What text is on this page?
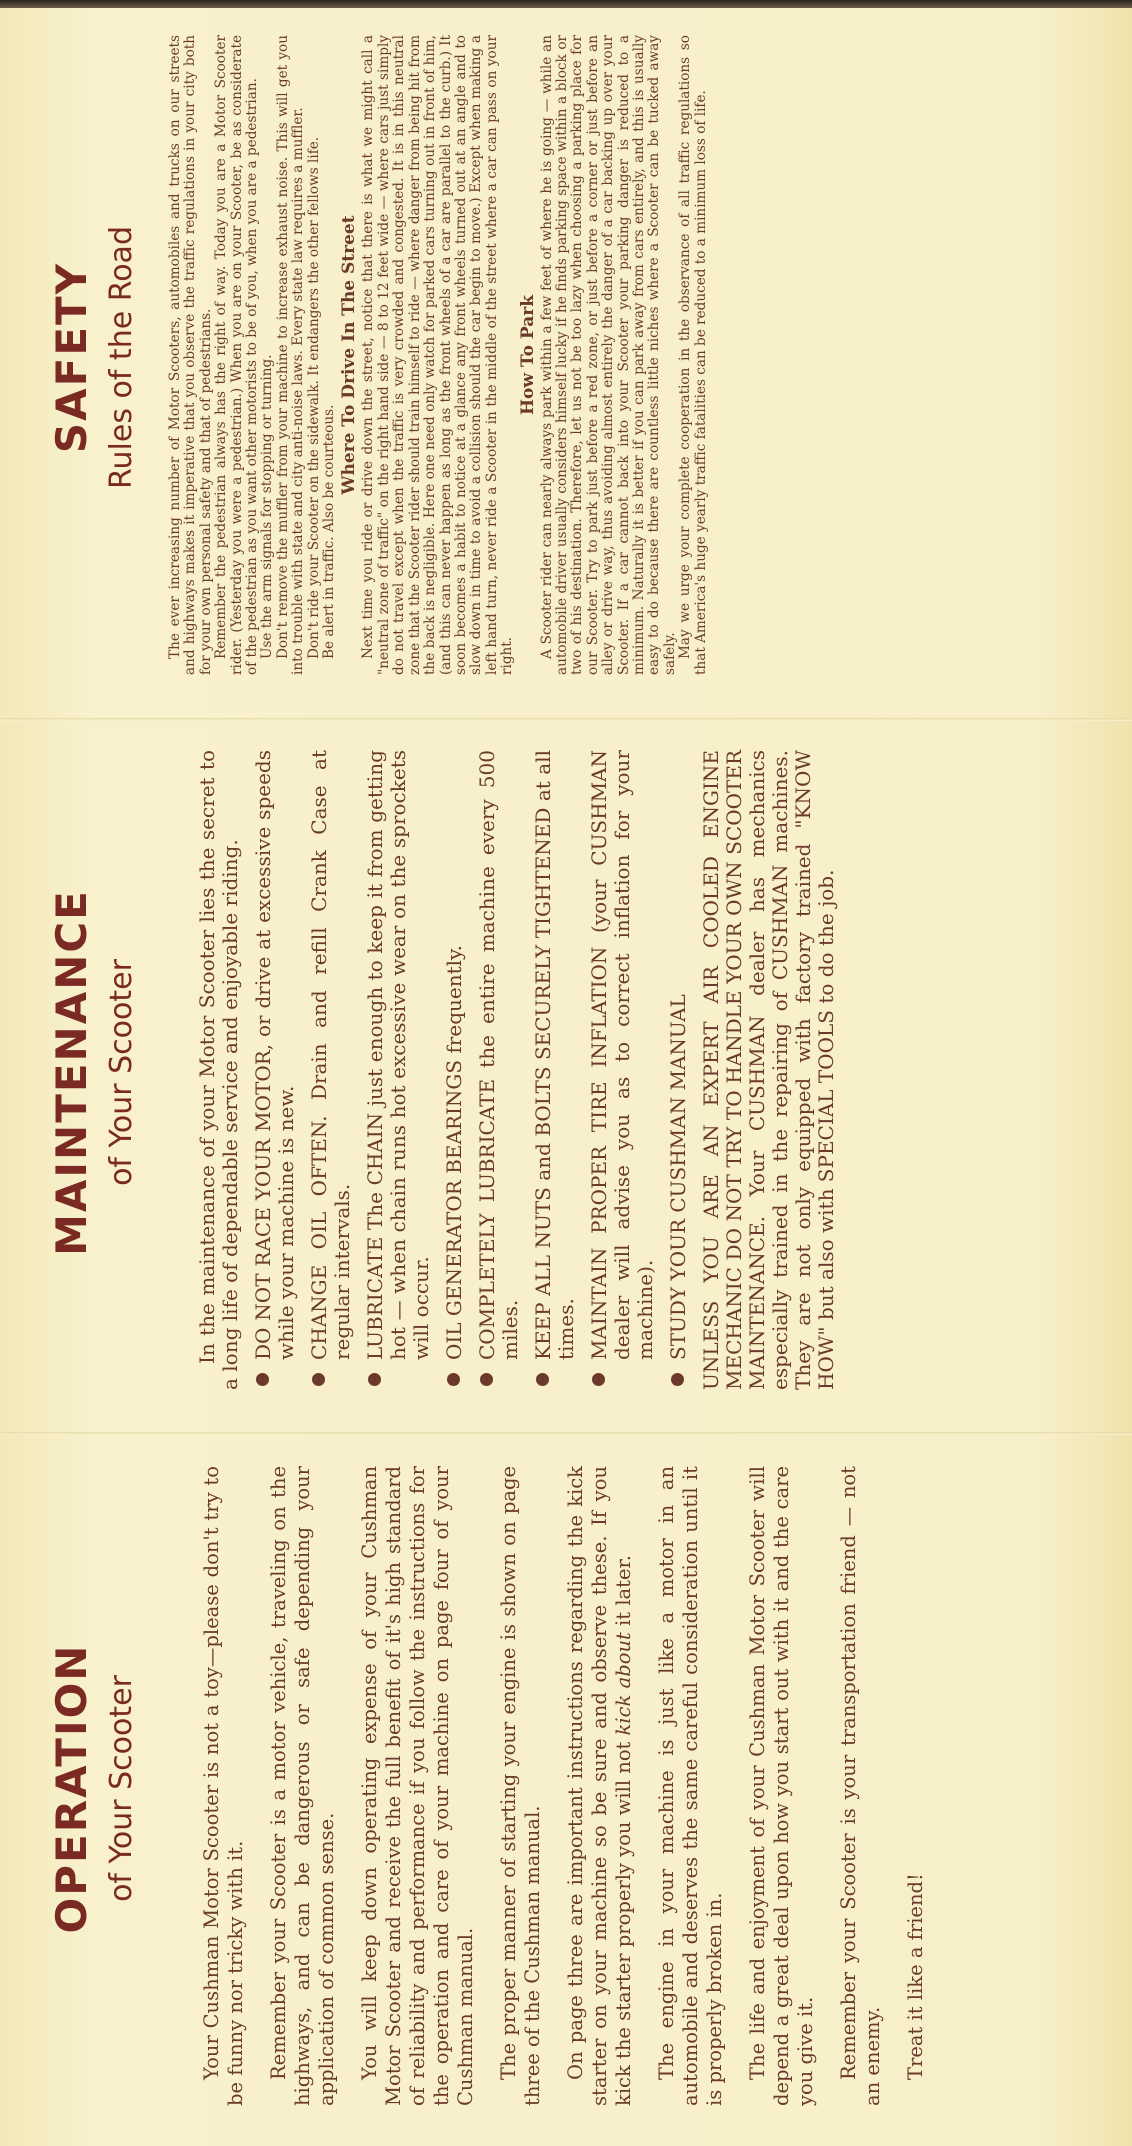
SAFETY Rules of the Road The ever increasing number of Motor Scooters, automobiles and trucks on our streets and highways makes it imperative that you observe the traffic regulations in your city both for your own personal safety and that of pedestrians. Remember the pedestrian always has the right of way. Today you are a Motor Scooter rider. (Yesterday you were a pedestrian.) When you are on your Scooter, be as considerate of the pedestrian as you want other motorists to be of you, when you are a pedestrian. Use the arm signals for stopping or turning. Don't remove the muffler from your machine to increase exhaust noise. This will get you into trouble with state and city anti-noise laws. Every state law requires a muffler. Don't ride your Scooter on the sidewalk. It endangers the other fellows life. Be alert in traffic. Also be courteous.

Where To Drive In The Street Next time you ride or drive down the street, notice that there is what we might call a "neutral zone of traffic" on the right hand side — 8 to 12 feet wide — where cars just simply do not travel except when the traffic is very crowded and congested. It is in this neutral zone that the Scooter rider should train himself to ride — where danger from being hit from the back is negligible. Here one need only watch for parked cars turning out in front of him, (and this can never happen as long as the front wheels of a car are parallel to the curb.) It soon becomes a habit to notice at a glance any front wheels turned out at an angle and to slow down in time to avoid a collision should the car begin to move.) Except when making a left hand turn, never ride a Scooter in the middle of the street where a car can pass on your right.

How To Park A Scooter rider can nearly always park within a few feet of where he is going — while an automobile driver usually considers himself lucky if he finds parking space within a block or two of his destination. Therefore, let us not be too lazy when choosing a parking place for our Scooter. Try to park just before a red zone, or just before a corner or just before an alley or drive way, thus avoiding almost entirely the danger of a car backing up over your Scooter. If a car cannot back into your Scooter your parking danger is reduced to a minimum. Naturally it is better if you can park away from cars entirely, and this is usually easy to do because there are countless little niches where a Scooter can be tucked away safely. May we urge your complete cooperation in the observance of all traffic regulations so that America's huge yearly traffic fatalities can be reduced to a minimum loss of life.

MAINTENANCE of Your Scooter	In the maintenance of your Motor Scooter lies the secret to a long life of dependable service and enjoyable riding. DO NOT RACE YOUR MOTOR, or drive at excessive speeds while your machine is new. CHANGE OIL OFTEN. Drain and refill Crank Case at regular intervals. LUBRICATE The CHAIN just enough to keep it from getting hot — when chain runs hot excessive wear on the sprockets will occur. OIL GENERATOR BEARINGS frequently. COMPLETELY LUBRICATE the entire machine every 500 miles. KEEP ALL NUTS and BOLTS SECURELY TIGHTENED at all times. MAINTAIN PROPER TIRE INFLATION (your CUSHMAN dealer will advise you as to correct inflation for your machine). STUDY YOUR CUSHMAN MANUAL UNLESS YOU ARE AN EXPERT AIR COOLED ENGINE MECHANIC DO NOT TRY TO HANDLE YOUR OWN SCOOTER MAINTENANCE. Your CUSHMAN dealer has mechanics especially trained in the repairing of CUSHMAN machines. They are not only equipped with factory trained "KNOW HOW" but also with SPECIAL TOOLS to do the job.

OPERATION of Your Scooter	Your Cushman Motor Scooter is not a toy—please don't try to be funny nor tricky with it. Remember your Scooter is a motor vehicle, traveling on the highways, and can be dangerous or safe depending your application of common sense. You will keep down operating expense of your Cushman Motor Scooter and receive the full benefit of it's high standard of reliability and performance if you follow the instructions for the operation and care of your machine on page four of your Cushman manual. The proper manner of starting your engine is shown on page three of the Cushman manual. On page three are important instructions regarding the kick starter on your machine so be sure and observe these. If you kick the starter properly you will not kick about it later. The engine in your machine is just like a motor in an automobile and deserves the same careful consideration until it is properly broken in. The life and enjoyment of your Cushman Motor Scooter will depend a great deal upon how you start out with it and the care you give it. Remember your Scooter is your transportation friend — not an enemy. Treat it like a friend!
